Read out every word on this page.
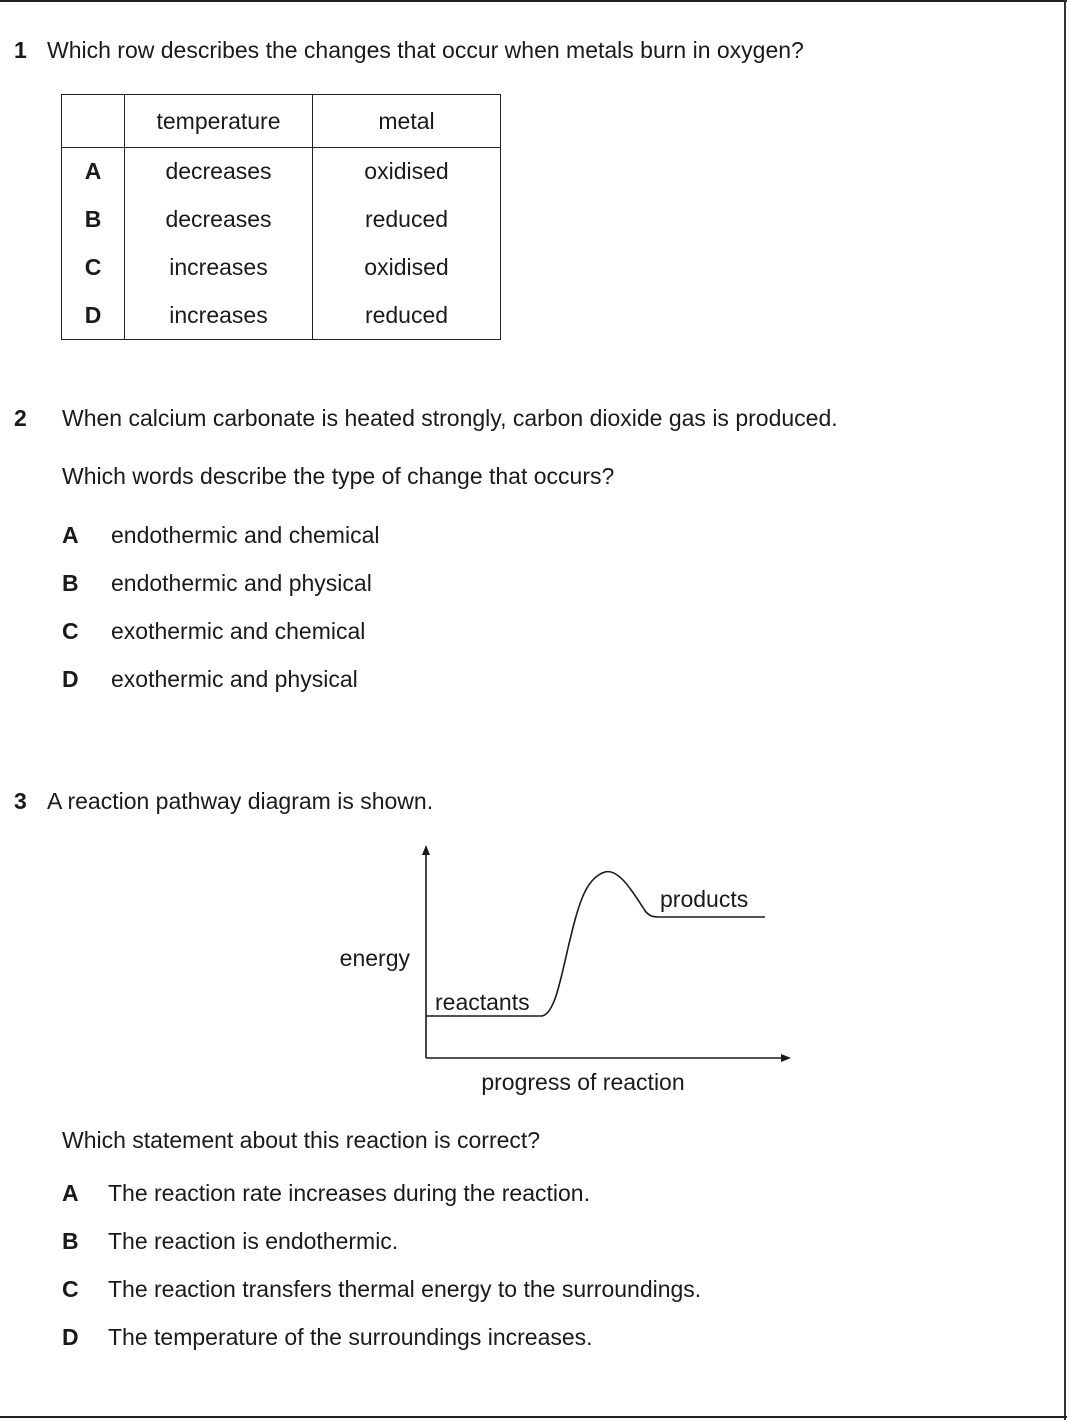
1 Which row describes the changes that occur when metals burn in oxygen?
	temperature	metal
A	decreases	oxidised
B	decreases	reduced
C	increases	oxidised
D	increases	reduced
2 When calcium carbonate is heated strongly, carbon dioxide gas is produced.
Which words describe the type of change that occurs?
A endothermic and chemical
B endothermic and physical
C exothermic and chemical
D exothermic and physical
3 A reaction pathway diagram is shown.
energy
progress of reaction
reactants
products
Which statement about this reaction is correct?
A The reaction rate increases during the reaction.
B The reaction is endothermic.
C The reaction transfers thermal energy to the surroundings.
D The temperature of the surroundings increases.
